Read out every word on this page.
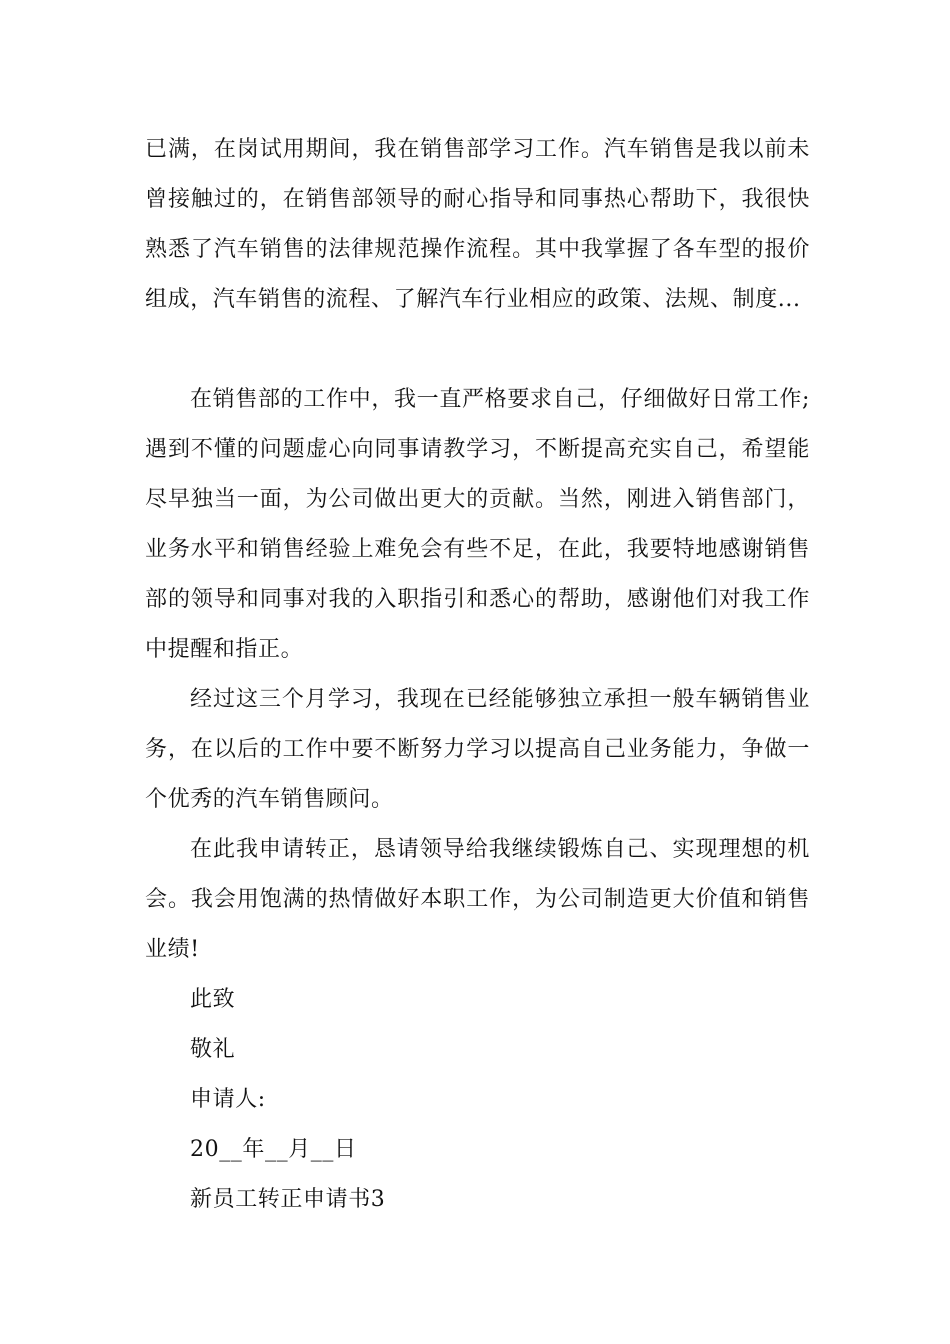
已满，在岗试用期间，我在销售部学习工作。汽车销售是我以前未曾接触过的，在销售部领导的耐心指导和同事热心帮助下，我很快熟悉了汽车销售的法律规范操作流程。其中我掌握了各车型的报价组成，汽车销售的流程、了解汽车行业相应的政策、法规、制度...

在销售部的工作中，我一直严格要求自己，仔细做好日常工作;遇到不懂的问题虚心向同事请教学习，不断提高充实自己，希望能尽早独当一面，为公司做出更大的贡献。当然，刚进入销售部门，业务水平和销售经验上难免会有些不足，在此，我要特地感谢销售部的领导和同事对我的入职指引和悉心的帮助，感谢他们对我工作中提醒和指正。

经过这三个月学习，我现在已经能够独立承担一般车辆销售业务，在以后的工作中要不断努力学习以提高自己业务能力，争做一个优秀的汽车销售顾问。

在此我申请转正，恳请领导给我继续锻炼自己、实现理想的机会。我会用饱满的热情做好本职工作，为公司制造更大价值和销售业绩!

此致

敬礼

申请人:

20__年__月__日

新员工转正申请书3
